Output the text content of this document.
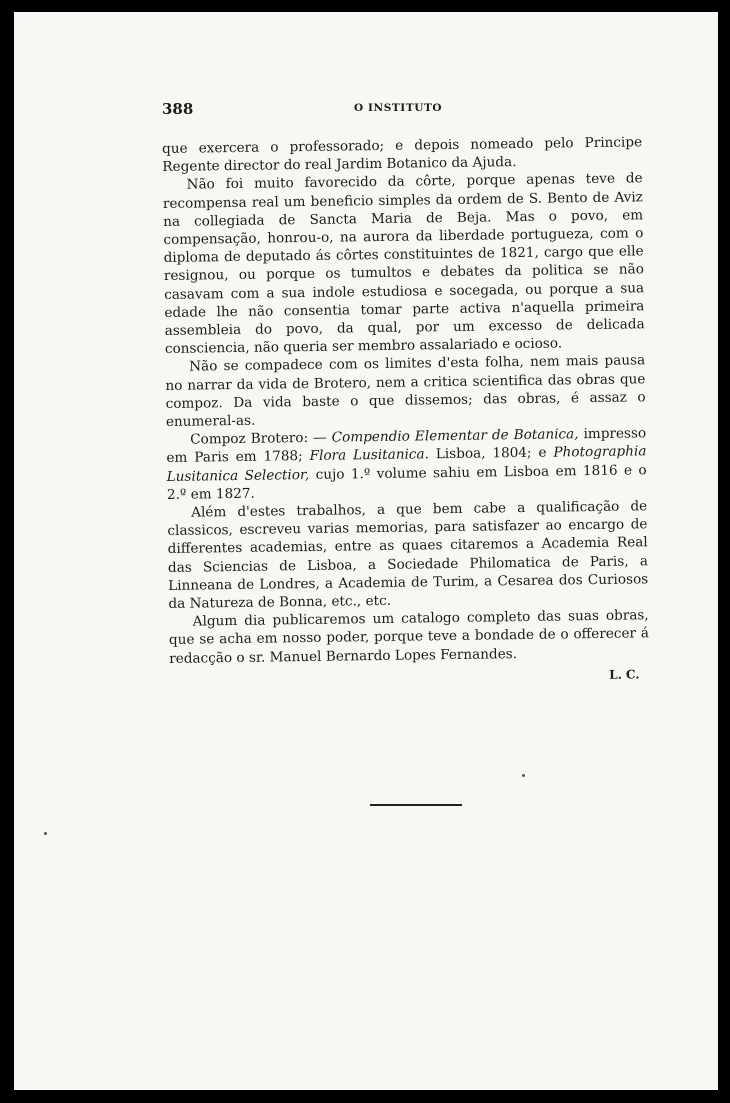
388	O INSTITUTO

que exercera o professorado; e depois nomeado pelo Principe Regente director do real Jardim Botanico da Ajuda.

Não foi muito favorecido da côrte, porque apenas teve de recompensa real um beneficio simples da ordem de S. Bento de Aviz na collegiada de Sancta Maria de Beja. Mas o povo, em compensação, honrou-o, na aurora da liberdade portugueza, com o diploma de deputado ás côrtes constituintes de 1821, cargo que elle resignou, ou porque os tumultos e debates da politica se não casavam com a sua indole estudiosa e socegada, ou porque a sua edade lhe não consentia tomar parte activa n'aquella primeira assembleia do povo, da qual, por um excesso de delicada consciencia, não queria ser membro assalariado e ocioso.

Não se compadece com os limites d'esta folha, nem mais pausa no narrar da vida de Brotero, nem a critica scientifica das obras que compoz. Da vida baste o que dissemos; das obras, é assaz o enumeral-as.

Compoz Brotero: — Compendio Elementar de Botanica, impresso em Paris em 1788; Flora Lusitanica. Lisboa, 1804; e Photographia Lusitanica Selectior, cujo 1.º volume sahiu em Lisboa em 1816 e o 2.º em 1827.

Além d'estes trabalhos, a que bem cabe a qualificação de classicos, escreveu varias memorias, para satisfazer ao encargo de differentes academias, entre as quaes citaremos a Academia Real das Sciencias de Lisboa, a Sociedade Philomatica de Paris, a Linneana de Londres, a Academia de Turim, a Cesarea dos Curiosos da Natureza de Bonna, etc., etc.

Algum dia publicaremos um catalogo completo das suas obras, que se acha em nosso poder, porque teve a bondade de o offerecer á redacção o sr. Manuel Bernardo Lopes Fernandes.

L. C.
